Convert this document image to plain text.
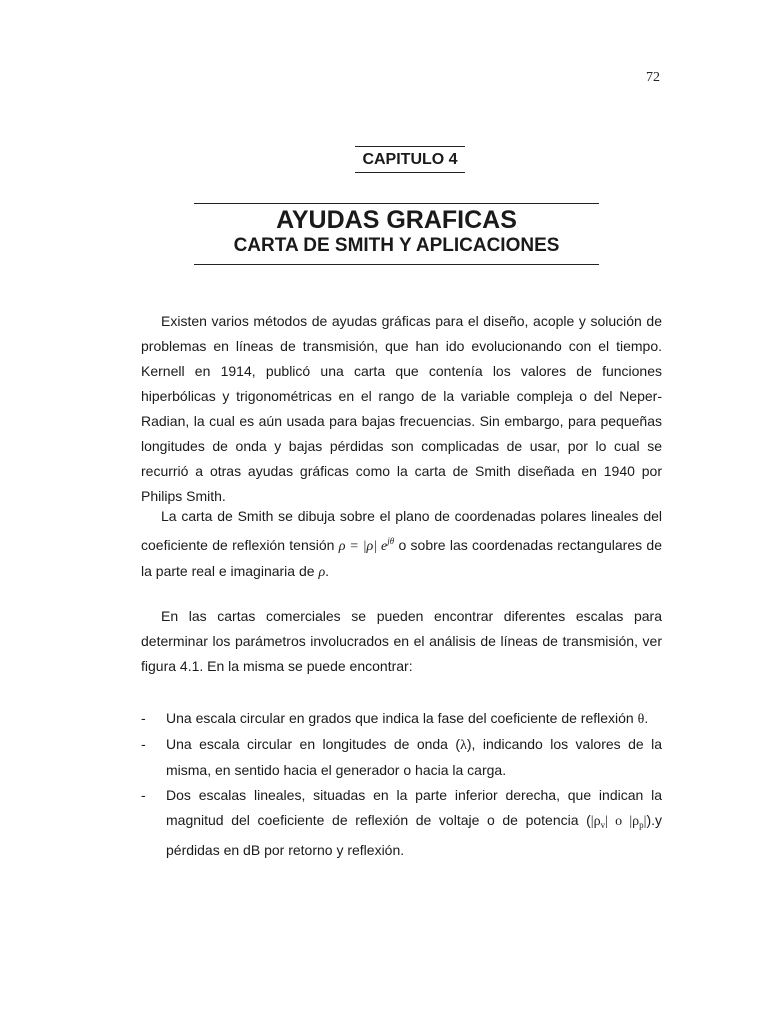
72
CAPITULO 4
AYUDAS GRAFICAS
CARTA DE SMITH Y APLICACIONES

Existen varios métodos de ayudas gráficas para el diseño, acople y solución de problemas en líneas de transmisión, que han ido evolucionando con el tiempo. Kernell en 1914, publicó una carta que contenía los valores de funciones hiperbólicas y trigonométricas en el rango de la variable compleja o del Neper-Radian, la cual es aún usada para bajas frecuencias. Sin embargo, para pequeñas longitudes de onda y bajas pérdidas son complicadas de usar, por lo cual se recurrió a otras ayudas gráficas como la carta de Smith diseñada en 1940 por Philips Smith.

La carta de Smith se dibuja sobre el plano de coordenadas polares lineales del coeficiente de reflexión tensión ρ = |ρ| $e^{j\theta}$ o sobre las coordenadas rectangulares de la parte real e imaginaria de ρ.

En las cartas comerciales se pueden encontrar diferentes escalas para determinar los parámetros involucrados en el análisis de líneas de transmisión, ver figura 4.1. En la misma se puede encontrar:

- Una escala circular en grados que indica la fase del coeficiente de reflexión θ.
- Una escala circular en longitudes de onda (λ), indicando los valores de la misma, en sentido hacia el generador o hacia la carga.
- Dos escalas lineales, situadas en la parte inferior derecha, que indican la magnitud del coeficiente de reflexión de voltaje o de potencia ($|\rho_v|$ o $|\rho_p|).y$ pérdidas en dB por retorno y reflexión.
